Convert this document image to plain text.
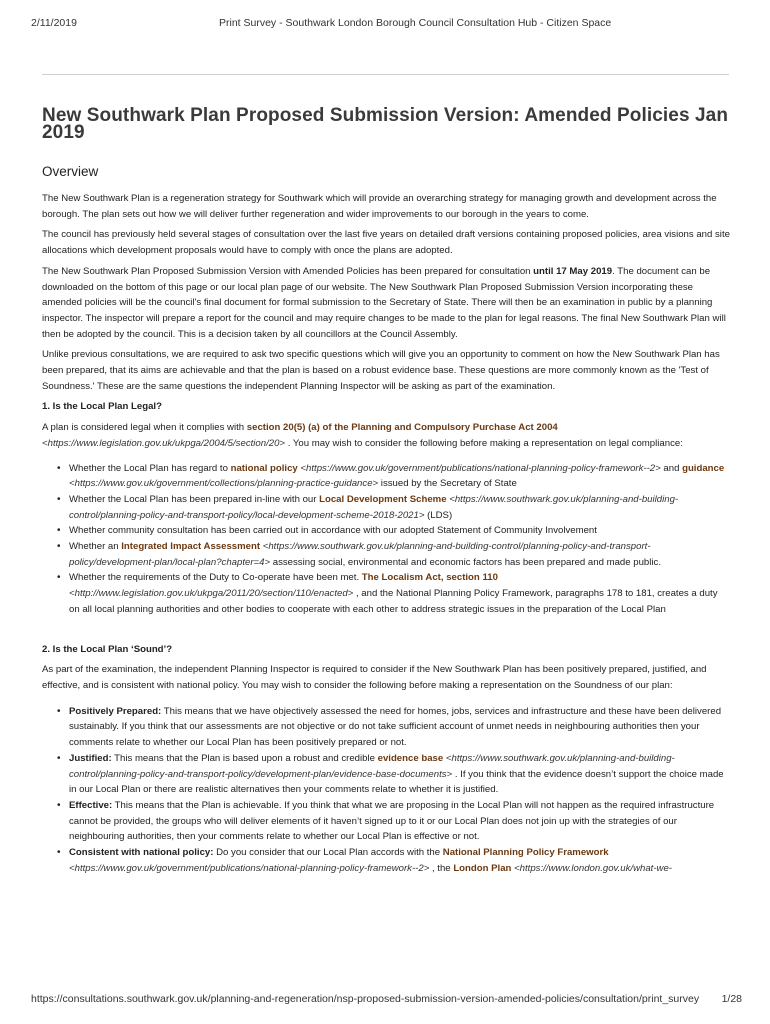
2/11/2019	Print Survey - Southwark London Borough Council Consultation Hub - Citizen Space
New Southwark Plan Proposed Submission Version: Amended Policies Jan 2019
Overview

The New Southwark Plan is a regeneration strategy for Southwark which will provide an overarching strategy for managing growth and development across the borough. The plan sets out how we will deliver further regeneration and wider improvements to our borough in the years to come.

The council has previously held several stages of consultation over the last five years on detailed draft versions containing proposed policies, area visions and site allocations which development proposals would have to comply with once the plans are adopted.

The New Southwark Plan Proposed Submission Version with Amended Policies has been prepared for consultation until 17 May 2019. The document can be downloaded on the bottom of this page or our local plan page of our website. The New Southwark Plan Proposed Submission Version incorporating these amended policies will be the council's final document for formal submission to the Secretary of State. There will then be an examination in public by a planning inspector. The inspector will prepare a report for the council and may require changes to be made to the plan for legal reasons. The final New Southwark Plan will then be adopted by the council. This is a decision taken by all councillors at the Council Assembly.

Unlike previous consultations, we are required to ask two specific questions which will give you an opportunity to comment on how the New Southwark Plan has been prepared, that its aims are achievable and that the plan is based on a robust evidence base. These questions are more commonly known as the 'Test of Soundness.' These are the same questions the independent Planning Inspector will be asking as part of the examination.

1. Is the Local Plan Legal?

A plan is considered legal when it complies with section 20(5) (a) of the Planning and Compulsory Purchase Act 2004
<https://www.legislation.gov.uk/ukpga/2004/5/section/20> . You may wish to consider the following before making a representation on legal compliance:

• Whether the Local Plan has regard to national policy <https://www.gov.uk/government/publications/national-planning-policy-framework--2> and guidance <https://www.gov.uk/government/collections/planning-practice-guidance> issued by the Secretary of State
• Whether the Local Plan has been prepared in-line with our Local Development Scheme <https://www.southwark.gov.uk/planning-and-building-control/planning-policy-and-transport-policy/local-development-scheme-2018-2021> (LDS)
• Whether community consultation has been carried out in accordance with our adopted Statement of Community Involvement
• Whether an Integrated Impact Assessment <https://www.southwark.gov.uk/planning-and-building-control/planning-policy-and-transport-policy/development-plan/local-plan?chapter=4> assessing social, environmental and economic factors has been prepared and made public.
• Whether the requirements of the Duty to Co-operate have been met. The Localism Act, section 110 <http://www.legislation.gov.uk/ukpga/2011/20/section/110/enacted> , and the National Planning Policy Framework, paragraphs 178 to 181, creates a duty on all local planning authorities and other bodies to cooperate with each other to address strategic issues in the preparation of the Local Plan

2. Is the Local Plan ‘Sound’?

As part of the examination, the independent Planning Inspector is required to consider if the New Southwark Plan has been positively prepared, justified, and effective, and is consistent with national policy. You may wish to consider the following before making a representation on the Soundness of our plan:

• Positively Prepared: This means that we have objectively assessed the need for homes, jobs, services and infrastructure and these have been delivered sustainably. If you think that our assessments are not objective or do not take sufficient account of unmet needs in neighbouring authorities then your comments relate to whether our Local Plan has been positively prepared or not.
• Justified: This means that the Plan is based upon a robust and credible evidence base <https://www.southwark.gov.uk/planning-and-building-control/planning-policy-and-transport-policy/development-plan/evidence-base-documents> . If you think that the evidence doesn’t support the choice made in our Local Plan or there are realistic alternatives then your comments relate to whether it is justified.
• Effective: This means that the Plan is achievable. If you think that what we are proposing in the Local Plan will not happen as the required infrastructure cannot be provided, the groups who will deliver elements of it haven’t signed up to it or our Local Plan does not join up with the strategies of our neighbouring authorities, then your comments relate to whether our Local Plan is effective or not.
• Consistent with national policy: Do you consider that our Local Plan accords with the National Planning Policy Framework <https://www.gov.uk/government/publications/national-planning-policy-framework--2> , the London Plan <https://www.london.gov.uk/what-we-
https://consultations.southwark.gov.uk/planning-and-regeneration/nsp-proposed-submission-version-amended-policies/consultation/print_survey 1/28
